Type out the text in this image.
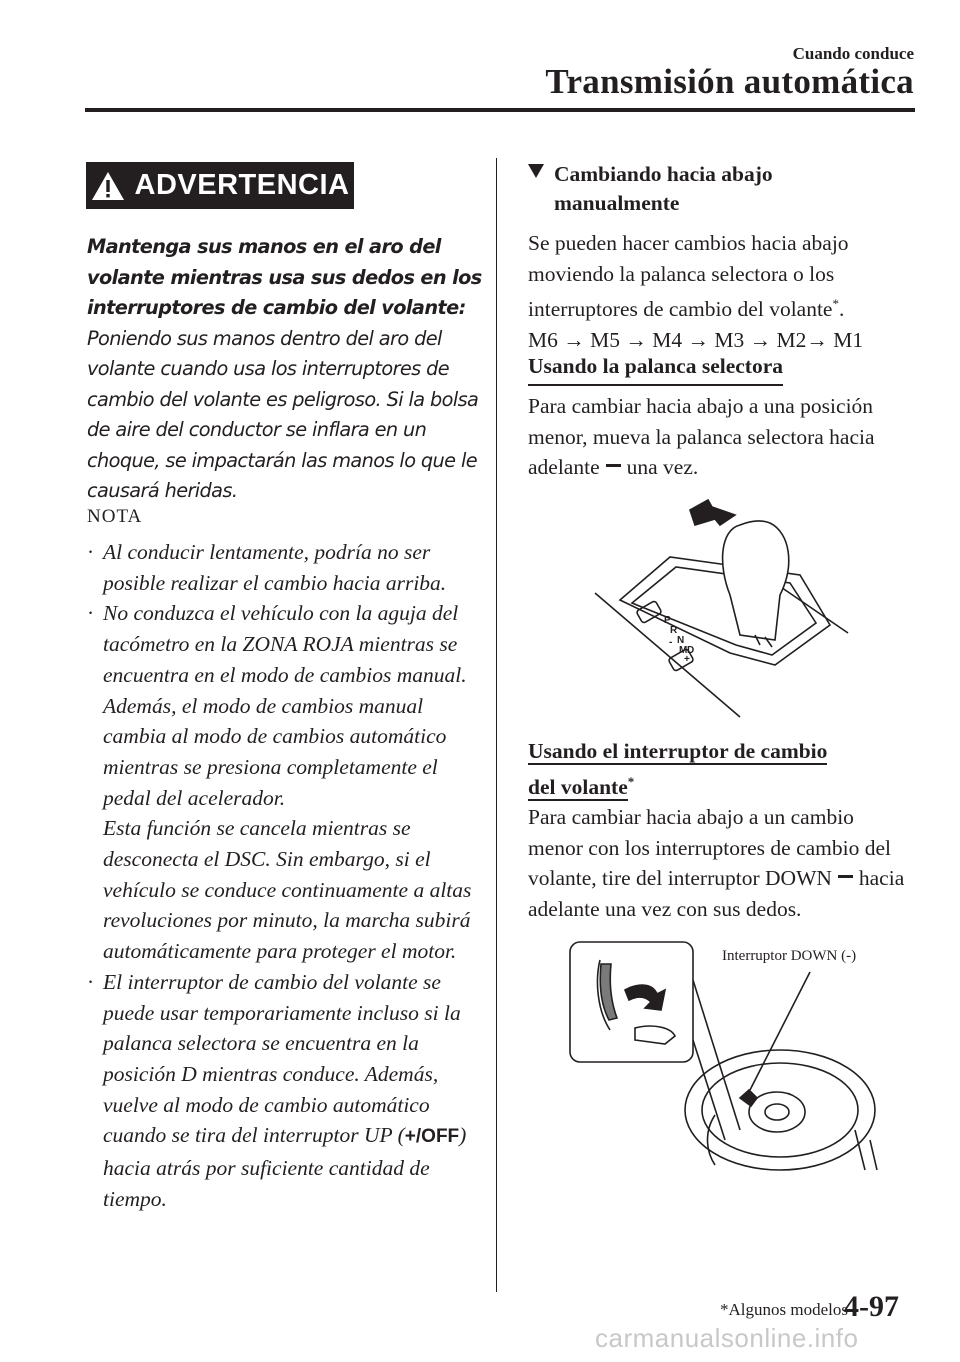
Cuando conduce
Transmisión automática
ADVERTENCIA

Mantenga sus manos en el aro del volante mientras usa sus dedos en los interruptores de cambio del volante:

Poniendo sus manos dentro del aro del volante cuando usa los interruptores de cambio del volante es peligroso. Si la bolsa de aire del conductor se inflara en un choque, se impactarán las manos lo que le causará heridas.

NOTA
· Al conducir lentamente, podría no ser posible realizar el cambio hacia arriba.

· No conduzca el vehículo con la aguja del tacómetro en la ZONA ROJA mientras se encuentra en el modo de cambios manual. Además, el modo de cambios manual cambia al modo de cambios automático mientras se presiona completamente el pedal del acelerador.

Esta función se cancela mientras se desconecta el DSC. Sin embargo, si el vehículo se conduce continuamente a altas revoluciones por minuto, la marcha subirá automáticamente para proteger el motor.

· El interruptor de cambio del volante se puede usar temporariamente incluso si la palanca selectora se encuentra en la posición D mientras conduce. Además, vuelve al modo de cambio automático cuando se tira del interruptor UP (+/OFF) hacia atrás por suficiente cantidad de tiempo.

Cambiando hacia abajo
manualmente

Se pueden hacer cambios hacia abajo moviendo la palanca selectora o los interruptores de cambio del volante*.

M6 → M5 → M4 → M3 → M2→ M1

Usando la palanca selectora

Para cambiar hacia abajo a una posición menor, mueva la palanca selectora hacia adelante una vez.

P
R
N
D
M
-
+
Usando el interruptor de cambio del volante*

Para cambiar hacia abajo a un cambio menor con los interruptores de cambio del volante, tire del interruptor DOWN hacia adelante una vez con sus dedos.

Interruptor DOWN (-)
*Algunos modelos
4-97
carmanualsonline.info
